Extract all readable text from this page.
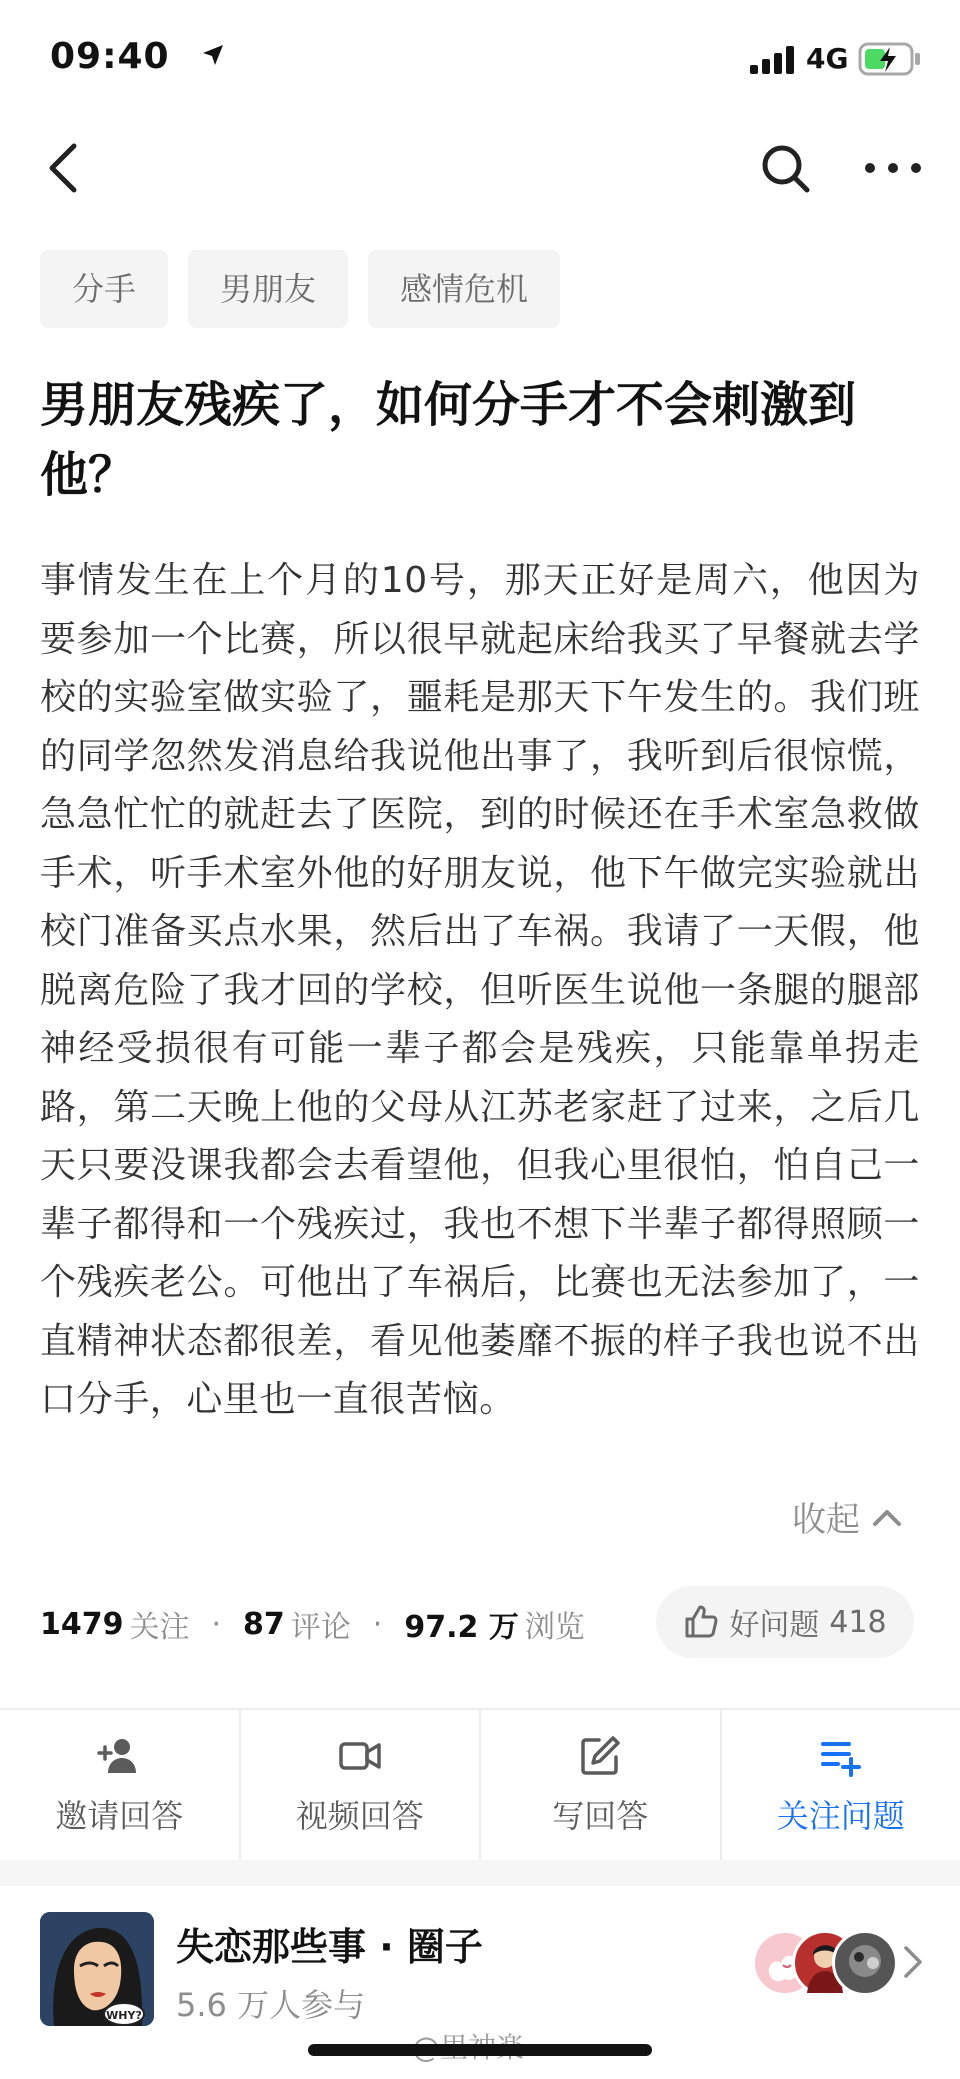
09:40	4G
分手	男朋友	感情危机
男朋友残疾了，如何分手才不会刺激到他？
事情发生在上个月的10号，那天正好是周六，他因为要参加一个比赛，所以很早就起床给我买了早餐就去学校的实验室做实验了，噩耗是那天下午发生的。我们班的同学忽然发消息给我说他出事了，我听到后很惊慌，急急忙忙的就赶去了医院，到的时候还在手术室急救做手术，听手术室外他的好朋友说，他下午做完实验就出校门准备买点水果，然后出了车祸。我请了一天假，他脱离危险了我才回的学校，但听医生说他一条腿的腿部神经受损很有可能一辈子都会是残疾，只能靠单拐走路，第二天晚上他的父母从江苏老家赶了过来，之后几天只要没课我都会去看望他，但我心里很怕，怕自己一辈子都得和一个残疾过，我也不想下半辈子都得照顾一个残疾老公。可他出了车祸后，比赛也无法参加了，一直精神状态都很差，看见他萎靡不振的样子我也说不出口分手，心里也一直很苦恼。
收起
1479 关注 · 87 评论 · 97.2 万 浏览	好问题 418
邀请回答	视频回答	写回答	关注问题
WHY?
失恋那些事 · 圈子
5.6 万人参与
